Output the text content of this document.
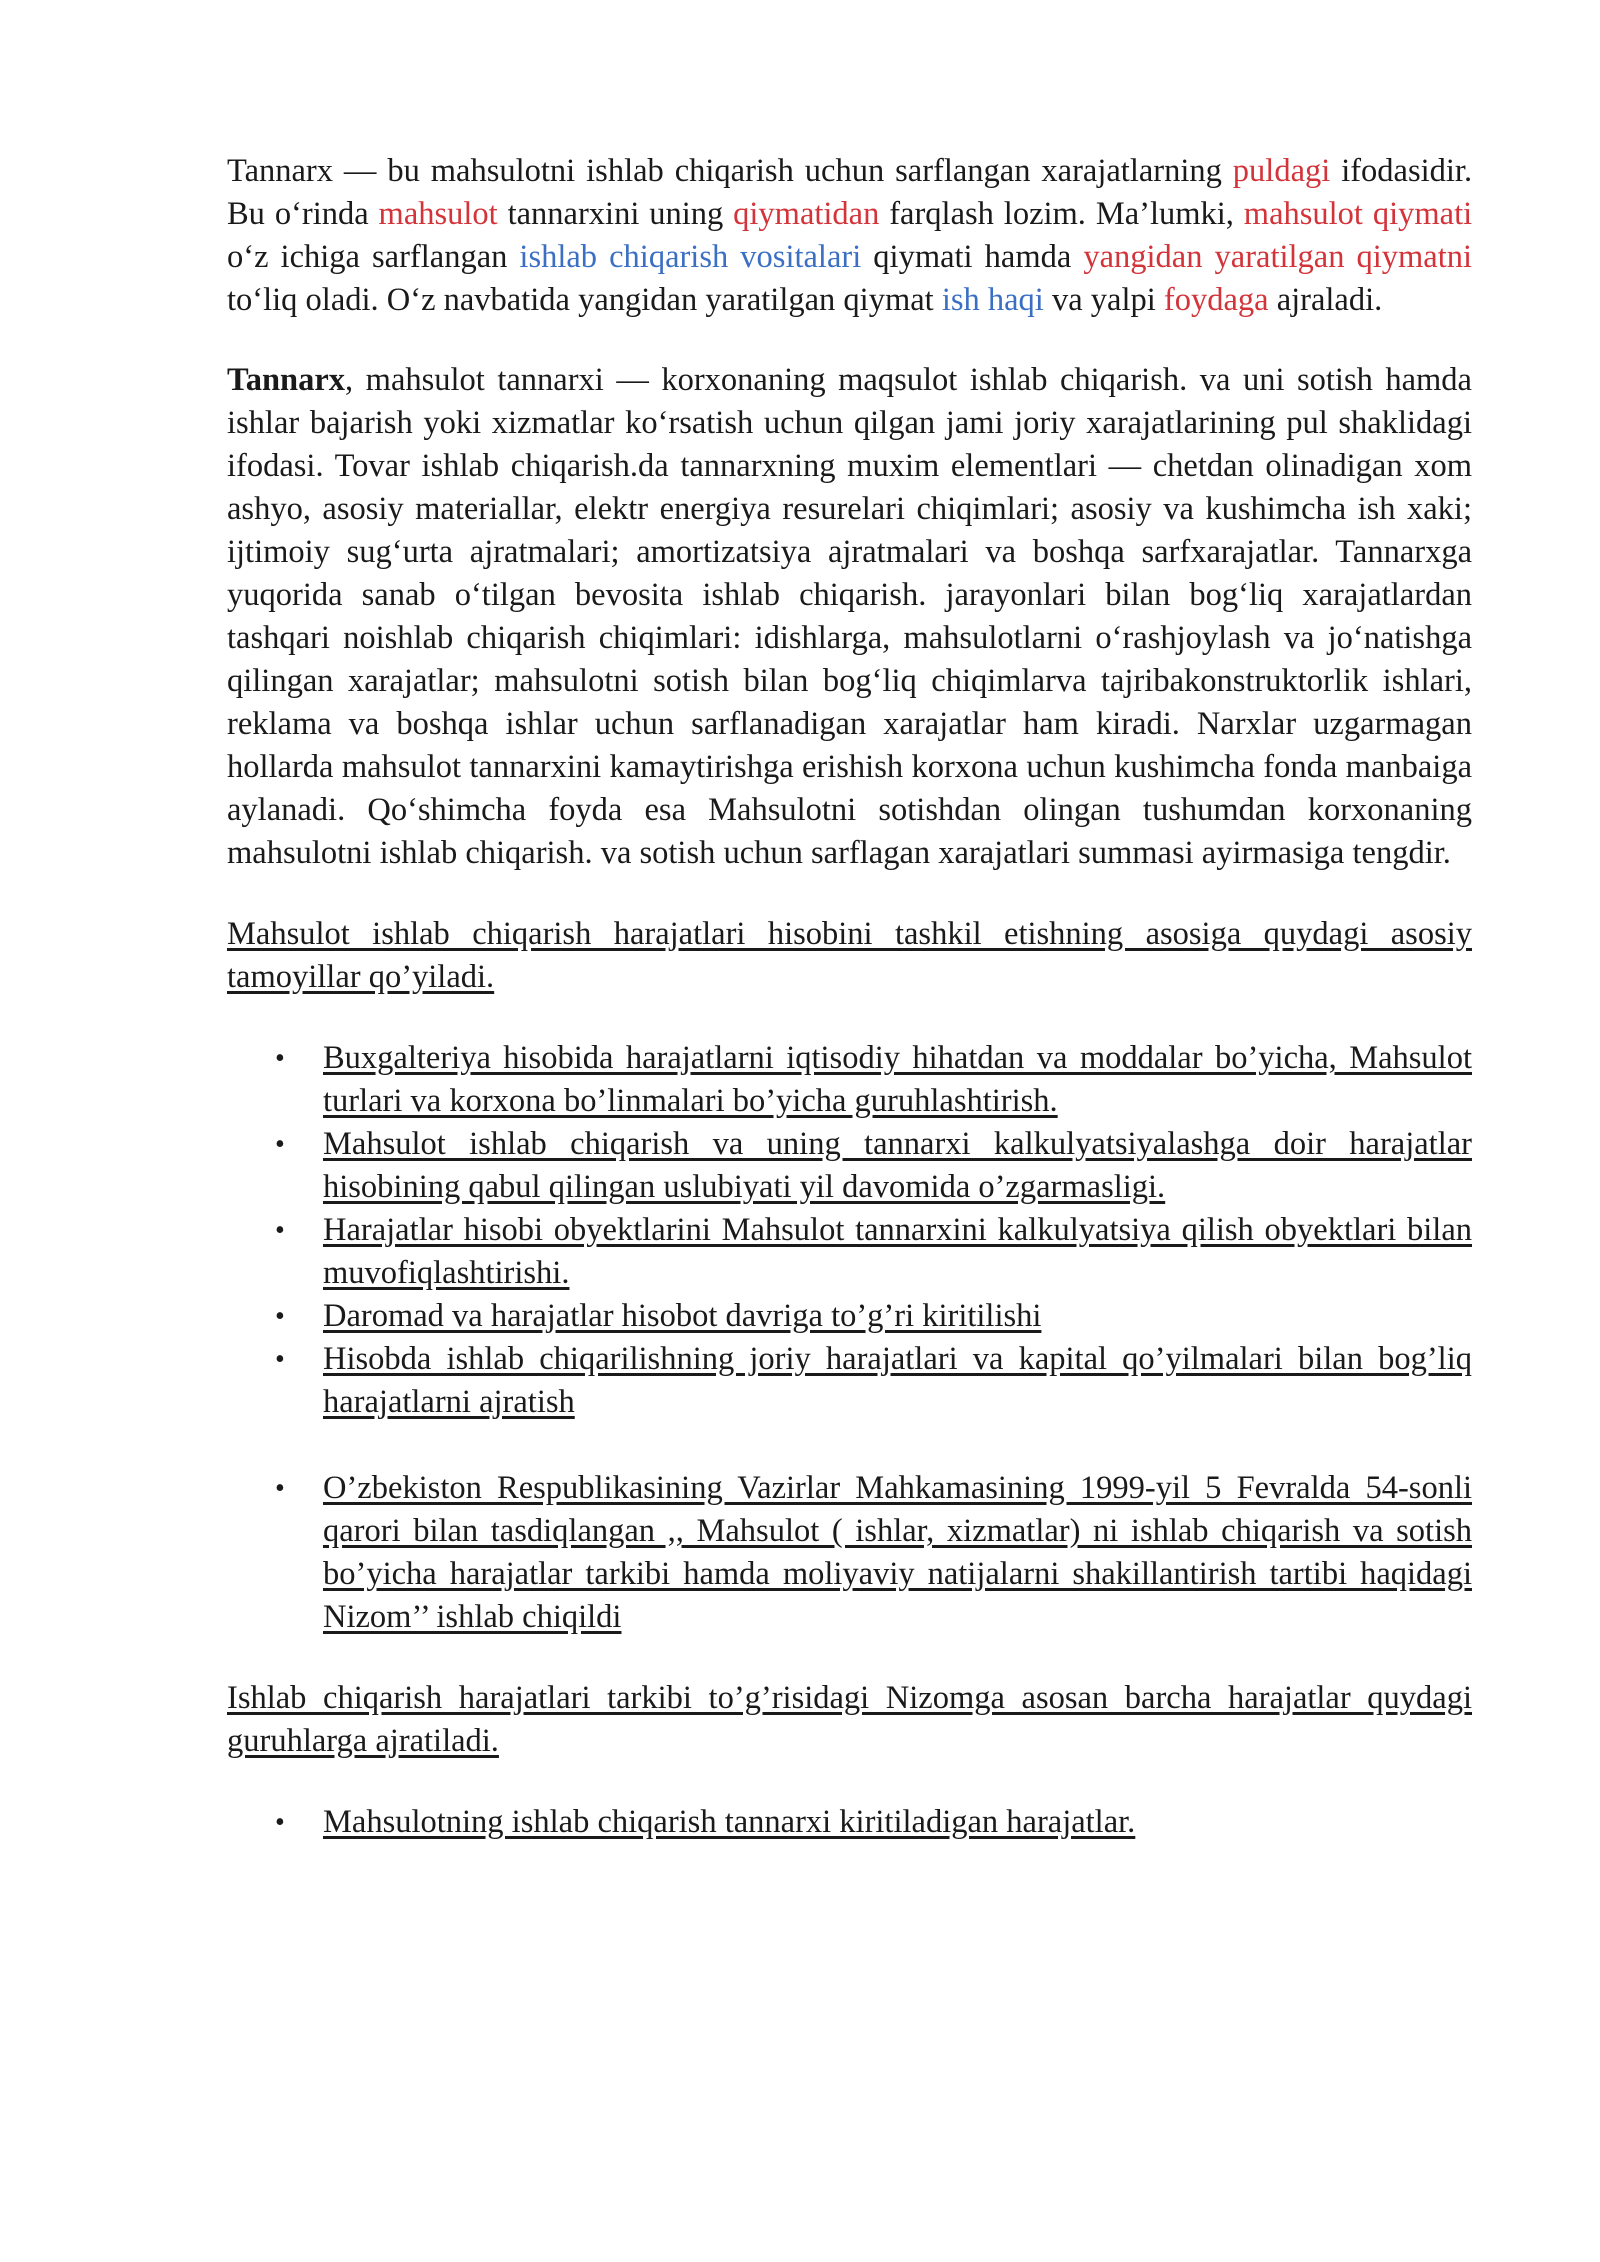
Tannarx — bu mahsulotni ishlab chiqarish uchun sarflangan xarajatlarning puldagi ifodasidir. Bu o‘rinda mahsulot tannarxini uning qiymatidan farqlash lozim. Ma’lumki, mahsulot qiymati o‘z ichiga sarflangan ishlab chiqarish vositalari qiymati hamda yangidan yaratilgan qiymatni to‘liq oladi. O‘z navbatida yangidan yaratilgan qiymat ish haqi va yalpi foydaga ajraladi.

Tannarx, mahsulot tannarxi — korxonaning maqsulot ishlab chiqarish. va uni sotish hamda ishlar bajarish yoki xizmatlar ko‘rsatish uchun qilgan jami joriy xarajatlarining pul shaklidagi ifodasi. Tovar ishlab chiqarish.da tannarxning muxim elementlari — chetdan olinadigan xom ashyo, asosiy materiallar, elektr energiya resurelari chiqimlari; asosiy va kushimcha ish xaki; ijtimoiy sug‘urta ajratmalari; amortizatsiya ajratmalari va boshqa sarfxarajatlar. Tannarxga yuqorida sanab o‘tilgan bevosita ishlab chiqarish. jarayonlari bilan bog‘liq xarajatlardan tashqari noishlab chiqarish chiqimlari: idishlarga, mahsulotlarni o‘rashjoylash va jo‘natishga qilingan xarajatlar; mahsulotni sotish bilan bog‘liq chiqimlarva tajribakonstruktorlik ishlari, reklama va boshqa ishlar uchun sarflanadigan xarajatlar ham kiradi. Narxlar uzgarmagan hollarda mahsulot tannarxini kamaytirishga erishish korxona uchun kushimcha fonda manbaiga aylanadi. Qo‘shimcha foyda esa Mahsulotni sotishdan olingan tushumdan korxonaning mahsulotni ishlab chiqarish. va sotish uchun sarflagan xarajatlari summasi ayirmasiga tengdir.

Mahsulot ishlab chiqarish harajatlari hisobini tashkil etishning asosiga quydagi asosiy tamoyillar qo’yiladi.

• Buxgalteriya hisobida harajatlarni iqtisodiy hihatdan va moddalar bo’yicha, Mahsulot turlari va korxona bo’linmalari bo’yicha guruhlashtirish.
• Mahsulot ishlab chiqarish va uning tannarxi kalkulyatsiyalashga doir harajatlar hisobining qabul qilingan uslubiyati yil davomida o’zgarmasligi.
• Harajatlar hisobi obyektlarini Mahsulot tannarxini kalkulyatsiya qilish obyektlari bilan muvofiqlashtirishi.
• Daromad va harajatlar hisobot davriga to’g’ri kiritilishi
• Hisobda ishlab chiqarilishning joriy harajatlari va kapital qo’yilmalari bilan bog’liq harajatlarni ajratish
• O’zbekiston Respublikasining Vazirlar Mahkamasining 1999-yil 5 Fevralda 54-sonli qarori bilan tasdiqlangan ,, Mahsulot ( ishlar, xizmatlar) ni ishlab chiqarish va sotish bo’yicha harajatlar tarkibi hamda moliyaviy natijalarni shakillantirish tartibi haqidagi Nizom’’ ishlab chiqildi

Ishlab chiqarish harajatlari tarkibi to’g’risidagi Nizomga asosan barcha harajatlar quydagi guruhlarga ajratiladi.

• Mahsulotning ishlab chiqarish tannarxi kiritiladigan harajatlar.
